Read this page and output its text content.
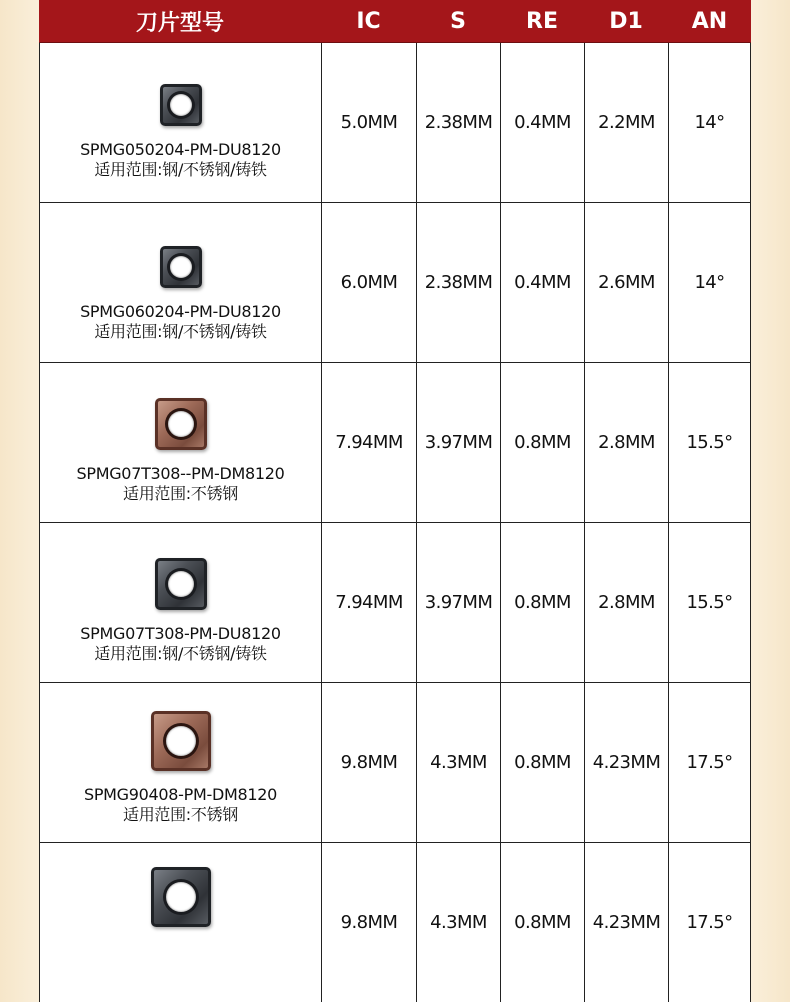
刀片型号	IC	S	RE	D1	AN
SPMG050204-PM-DU8120
适用范围:钢/不锈钢/铸铁
5.0MM	2.38MM	0.4MM	2.2MM	14°
SPMG060204-PM-DU8120
适用范围:钢/不锈钢/铸铁
6.0MM	2.38MM	0.4MM	2.6MM	14°
SPMG07T308--PM-DM8120
适用范围:不锈钢
7.94MM	3.97MM	0.8MM	2.8MM	15.5°
SPMG07T308-PM-DU8120
适用范围:钢/不锈钢/铸铁
7.94MM	3.97MM	0.8MM	2.8MM	15.5°
SPMG90408-PM-DM8120
适用范围:不锈钢
9.8MM	4.3MM	0.8MM	4.23MM	17.5°
9.8MM	4.3MM	0.8MM	4.23MM	17.5°
